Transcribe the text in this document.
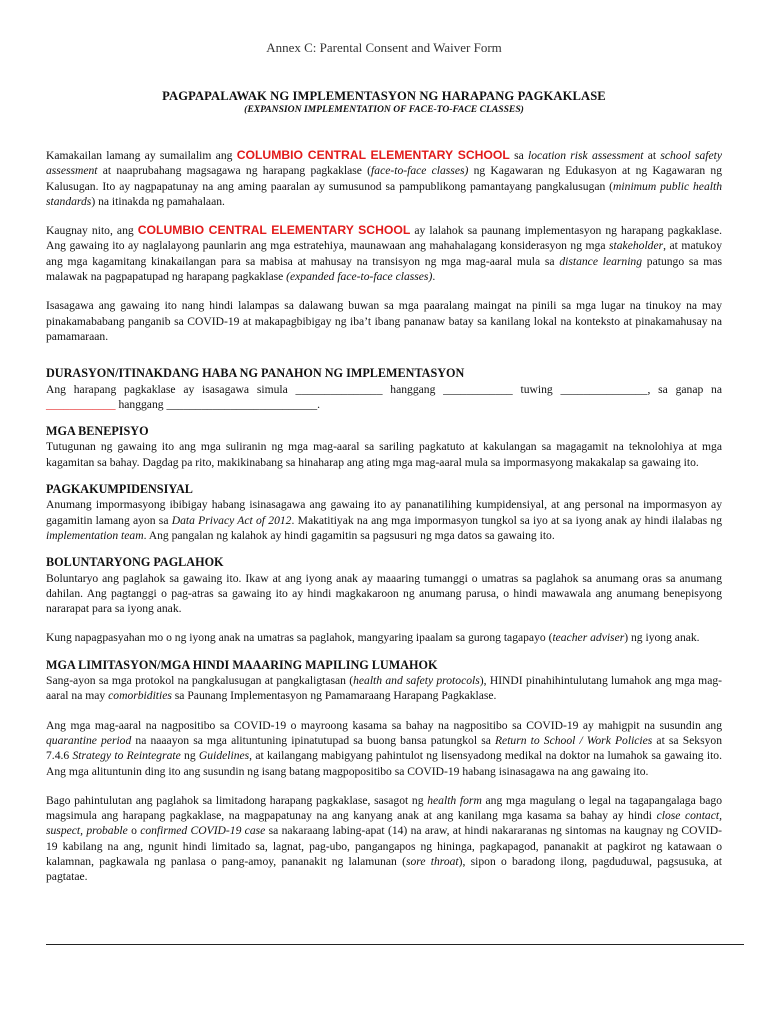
Annex C: Parental Consent and Waiver Form
PAGPAPALAWAK NG IMPLEMENTASYON NG HARAPANG PAGKAKLASE
(EXPANSION IMPLEMENTATION OF FACE-TO-FACE CLASSES)

Kamakailan lamang ay sumailalim ang COLUMBIO CENTRAL ELEMENTARY SCHOOL sa location risk assessment at school safety assessment at naaprubahang magsagawa ng harapang pagkaklase (face-to-face classes) ng Kagawaran ng Edukasyon at ng Kagawaran ng Kalusugan. Ito ay nagpapatunay na ang aming paaralan ay sumusunod sa pampublikong pamantayang pangkalusugan (minimum public health standards) na itinakda ng pamahalaan.

Kaugnay nito, ang COLUMBIO CENTRAL ELEMENTARY SCHOOL ay lalahok sa paunang implementasyon ng harapang pagkaklase. Ang gawaing ito ay naglalayong paunlarin ang mga estratehiya, maunawaan ang mahahalagang konsiderasyon ng mga stakeholder, at matukoy ang mga kagamitang kinakailangan para sa mabisa at mahusay na transisyon ng mga mag-aaral mula sa distance learning patungo sa mas malawak na pagpapatupad ng harapang pagkaklase (expanded face-to-face classes).

Isasagawa ang gawaing ito nang hindi lalampas sa dalawang buwan sa mga paaralang maingat na pinili sa mga lugar na tinukoy na may pinakamababang panganib sa COVID-19 at makapagbibigay ng iba’t ibang pananaw batay sa kanilang lokal na konteksto at pinakamahusay na pamamaraan.

DURASYON/ITINAKDANG HABA NG PANAHON NG IMPLEMENTASYON

Ang harapang pagkaklase ay isasagawa simula _______________ hanggang ____________ tuwing _______________, sa ganap na ____________ hanggang __________________________.

MGA BENEPISYO

Tutugunan ng gawaing ito ang mga suliranin ng mga mag-aaral sa sariling pagkatuto at kakulangan sa magagamit na teknolohiya at mga kagamitan sa bahay. Dagdag pa rito, makikinabang sa hinaharap ang ating mga mag-aaral mula sa impormasyong makakalap sa gawaing ito.

PAGKAKUMPIDENSIYAL

Anumang impormasyong ibibigay habang isinasagawa ang gawaing ito ay pananatilihing kumpidensiyal, at ang personal na impormasyon ay gagamitin lamang ayon sa Data Privacy Act of 2012. Makatitiyak na ang mga impormasyon tungkol sa iyo at sa iyong anak ay hindi ilalabas ng implementation team. Ang pangalan ng kalahok ay hindi gagamitin sa pagsusuri ng mga datos sa gawaing ito.

BOLUNTARYONG PAGLAHOK

Boluntaryo ang paglahok sa gawaing ito. Ikaw at ang iyong anak ay maaaring tumanggi o umatras sa paglahok sa anumang oras sa anumang dahilan. Ang pagtanggi o pag-atras sa gawaing ito ay hindi magkakaroon ng anumang parusa, o hindi mawawala ang anumang benepisyong nararapat para sa iyong anak.

Kung napagpasyahan mo o ng iyong anak na umatras sa paglahok, mangyaring ipaalam sa gurong tagapayo (teacher adviser) ng iyong anak.

MGA LIMITASYON/MGA HINDI MAAARING MAPILING LUMAHOK

Sang-ayon sa mga protokol na pangkalusugan at pangkaligtasan (health and safety protocols), HINDI pinahihintulutang lumahok ang mga mag-aaral na may comorbidities sa Paunang Implementasyon ng Pamamaraang Harapang Pagkaklase.

Ang mga mag-aaral na nagpositibo sa COVID-19 o mayroong kasama sa bahay na nagpositibo sa COVID-19 ay mahigpit na susundin ang quarantine period na naaayon sa mga alituntuning ipinatutupad sa buong bansa patungkol sa Return to School / Work Policies at sa Seksyon 7.4.6 Strategy to Reintegrate ng Guidelines, at kailangang mabigyang pahintulot ng lisensyadong medikal na doktor na lumahok sa gawaing ito. Ang mga alituntunin ding ito ang susundin ng isang batang magpopositibo sa COVID-19 habang isinasagawa na ang gawaing ito.

Bago pahintulutan ang paglahok sa limitadong harapang pagkaklase, sasagot ng health form ang mga magulang o legal na tagapangalaga bago magsimula ang harapang pagkaklase, na magpapatunay na ang kanyang anak at ang kanilang mga kasama sa bahay ay hindi close contact, suspect, probable o confirmed COVID-19 case sa nakaraang labing-apat (14) na araw, at hindi nakararanas ng sintomas na kaugnay ng COVID-19 kabilang na ang, ngunit hindi limitado sa, lagnat, pag-ubo, pangangapos ng hininga, pagkapagod, pananakit at pagkirot ng katawaan o kalamnan, pagkawala ng panlasa o pang-amoy, pananakit ng lalamunan (sore throat), sipon o baradong ilong, pagduduwal, pagsusuka, at pagtatae.
